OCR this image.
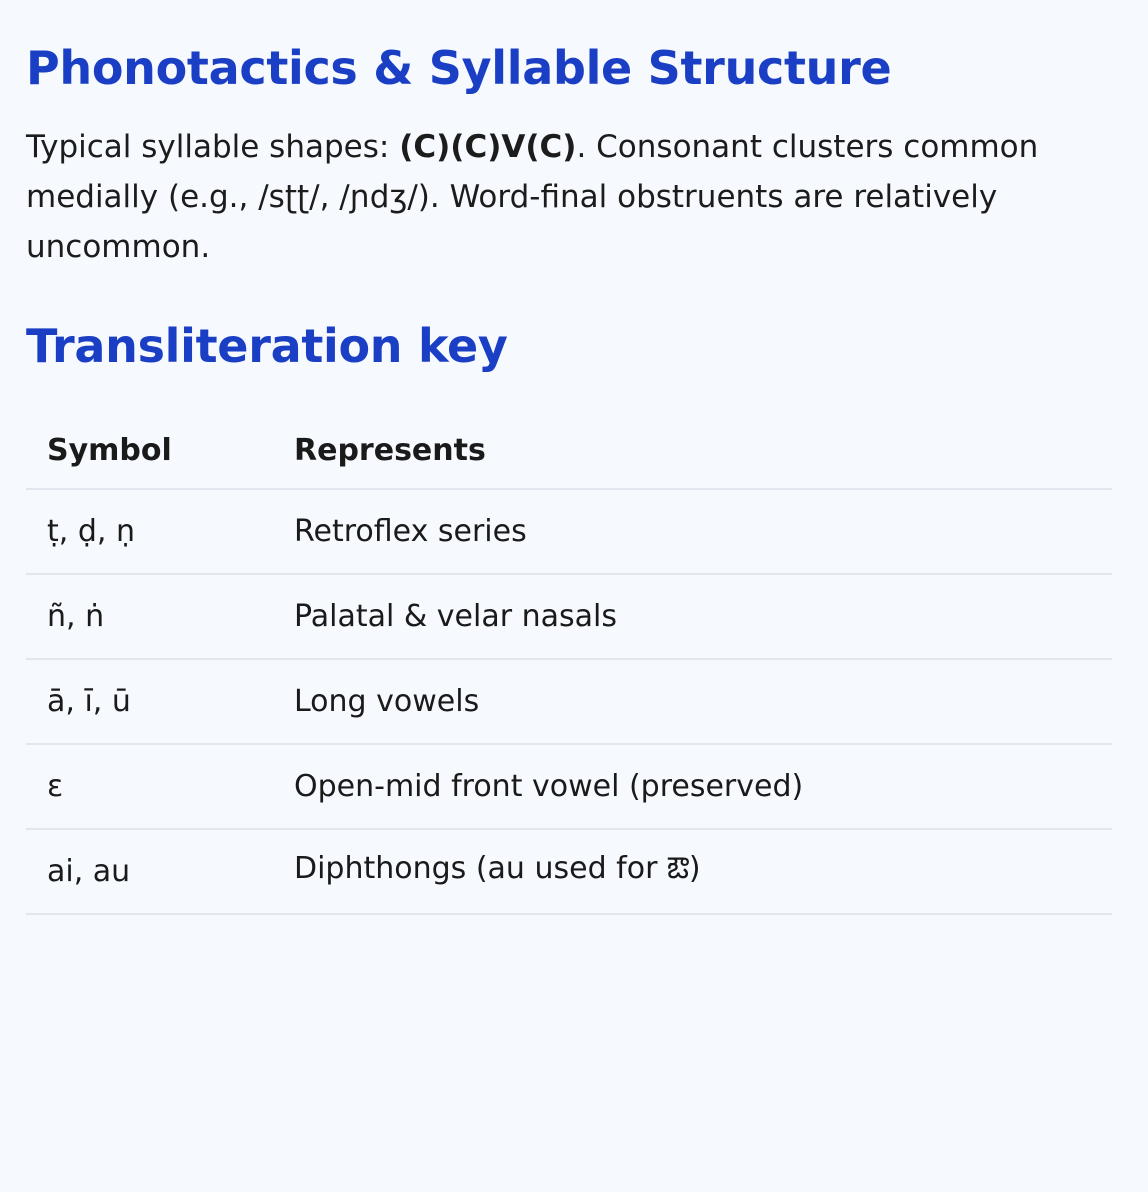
Phonotactics & Syllable Structure

Typical syllable shapes: (C)(C)V(C). Consonant clusters common medially (e.g., /sʈʈ/, /ɲdʒ/). Word-final obstruents are relatively uncommon.

Transliteration key
Symbol	Represents
ṭ, ḍ, ṇ	Retroflex series
ñ, ṅ	Palatal & velar nasals
ā, ī, ū	Long vowels
ɛ	Open-mid front vowel (preserved)
ai, au	Diphthongs (au used for ఔ)
